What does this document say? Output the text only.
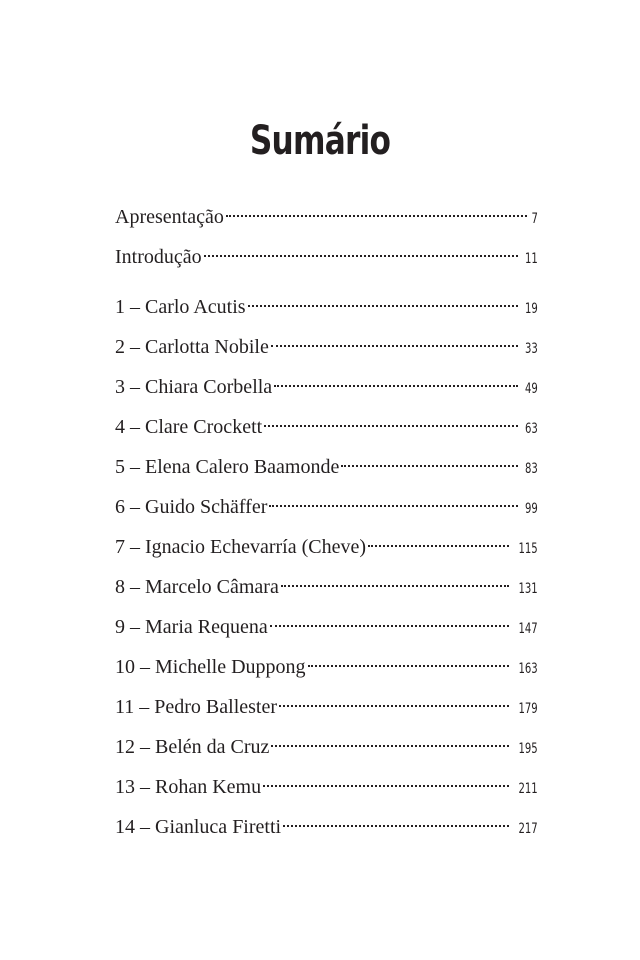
Sumário
Apresentação	7
Introdução	11
1 – Carlo Acutis	19
2 – Carlotta Nobile	33
3 – Chiara Corbella	49
4 – Clare Crockett	63
5 – Elena Calero Baamonde	83
6 – Guido Schäffer	99
7 – Ignacio Echevarría (Cheve)	115
8 – Marcelo Câmara	131
9 – Maria Requena	147
10 – Michelle Duppong	163
11 – Pedro Ballester	179
12 – Belén da Cruz	195
13 – Rohan Kemu	211
14 – Gianluca Firetti	217
